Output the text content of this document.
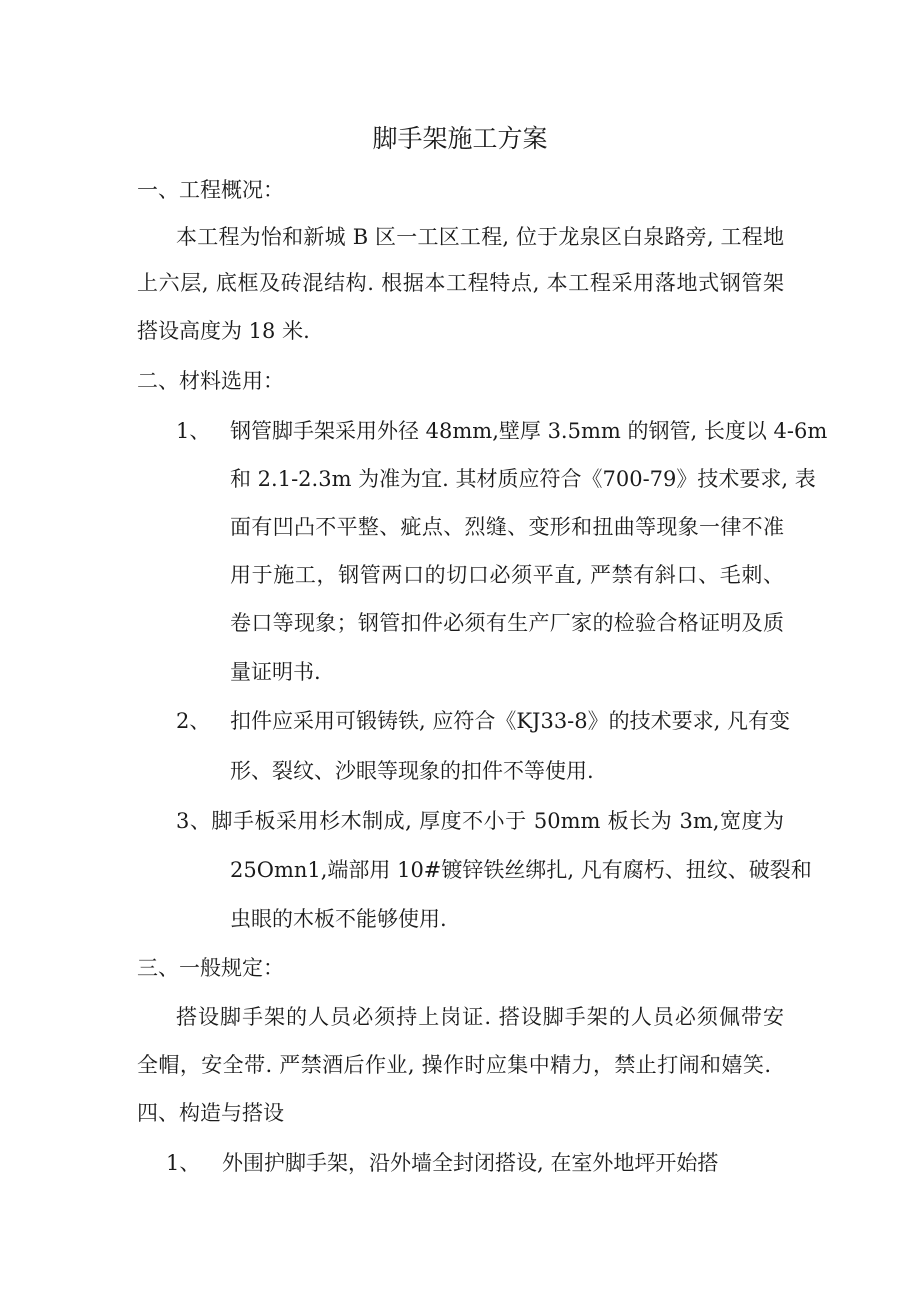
脚手架施工方案
一、工程概况：
本工程为怡和新城 B 区一工区工程, 位于龙泉区白泉路旁, 工程地
上六层, 底框及砖混结构. 根据本工程特点, 本工程采用落地式钢管架
搭设高度为 18 米.
二、材料选用：
1、 钢管脚手架采用外径 48mm,壁厚 3.5mm 的钢管, 长度以 4-6m
和 2.1-2.3m 为准为宜. 其材质应符合《700-79》技术要求, 表
面有凹凸不平整、疵点、烈缝、变形和扭曲等现象一律不准
用于施工，钢管两口的切口必须平直, 严禁有斜口、毛刺、
卷口等现象；钢管扣件必须有生产厂家的检验合格证明及质
量证明书.
2、 扣件应采用可锻铸铁, 应符合《KJ33-8》的技术要求, 凡有变
形、裂纹、沙眼等现象的扣件不等使用.
3、脚手板采用杉木制成, 厚度不小于 50mm 板长为 3m,宽度为
25Omn1,端部用 10#镀锌铁丝绑扎, 凡有腐朽、扭纹、破裂和
虫眼的木板不能够使用.
三、一般规定：
搭设脚手架的人员必须持上岗证. 搭设脚手架的人员必须佩带安
全帽，安全带. 严禁酒后作业, 操作时应集中精力，禁止打闹和嬉笑.
四、构造与搭设
1、 外围护脚手架，沿外墙全封闭搭设, 在室外地坪开始搭
